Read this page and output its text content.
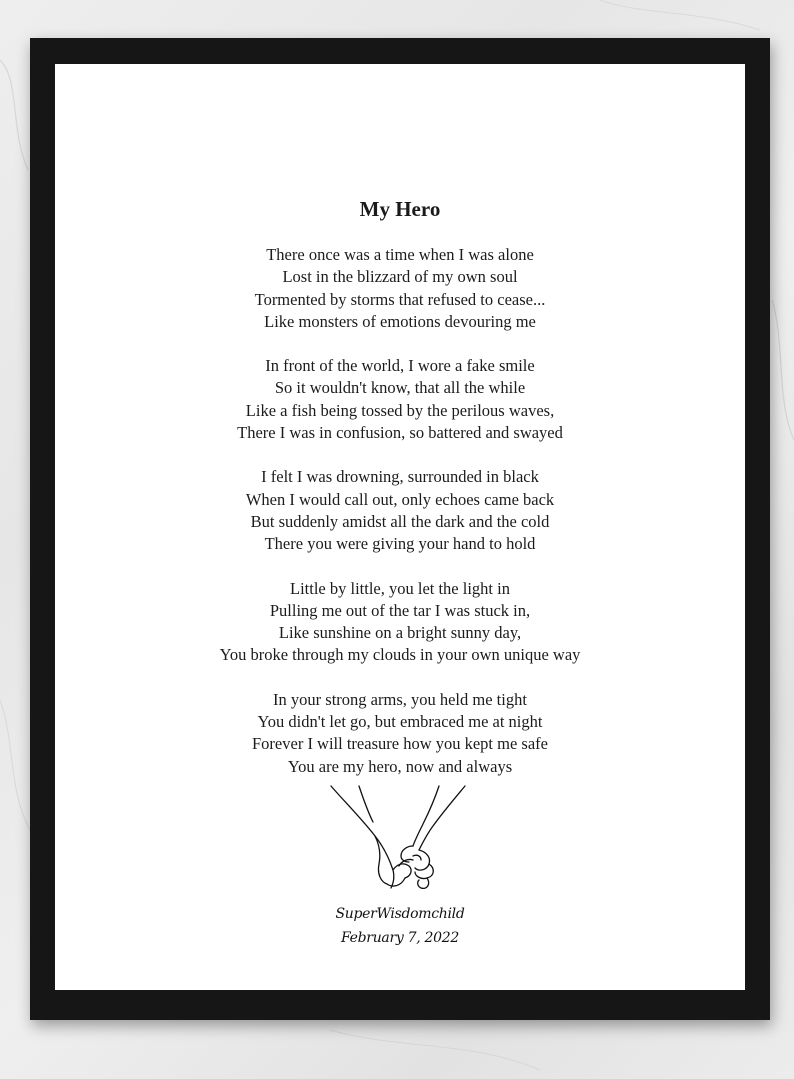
My Hero
There once was a time when I was alone
Lost in the blizzard of my own soul
Tormented by storms that refused to cease...
Like monsters of emotions devouring me
In front of the world, I wore a fake smile
So it wouldn't know, that all the while
Like a fish being tossed by the perilous waves,
There I was in confusion, so battered and swayed
I felt I was drowning, surrounded in black
When I would call out, only echoes came back
But suddenly amidst all the dark and the cold
There you were giving your hand to hold
Little by little, you let the light in
Pulling me out of the tar I was stuck in,
Like sunshine on a bright sunny day,
You broke through my clouds in your own unique way
In your strong arms, you held me tight
You didn't let go, but embraced me at night
Forever I will treasure how you kept me safe
You are my hero, now and always
SuperWisdomchild
February 7, 2022
